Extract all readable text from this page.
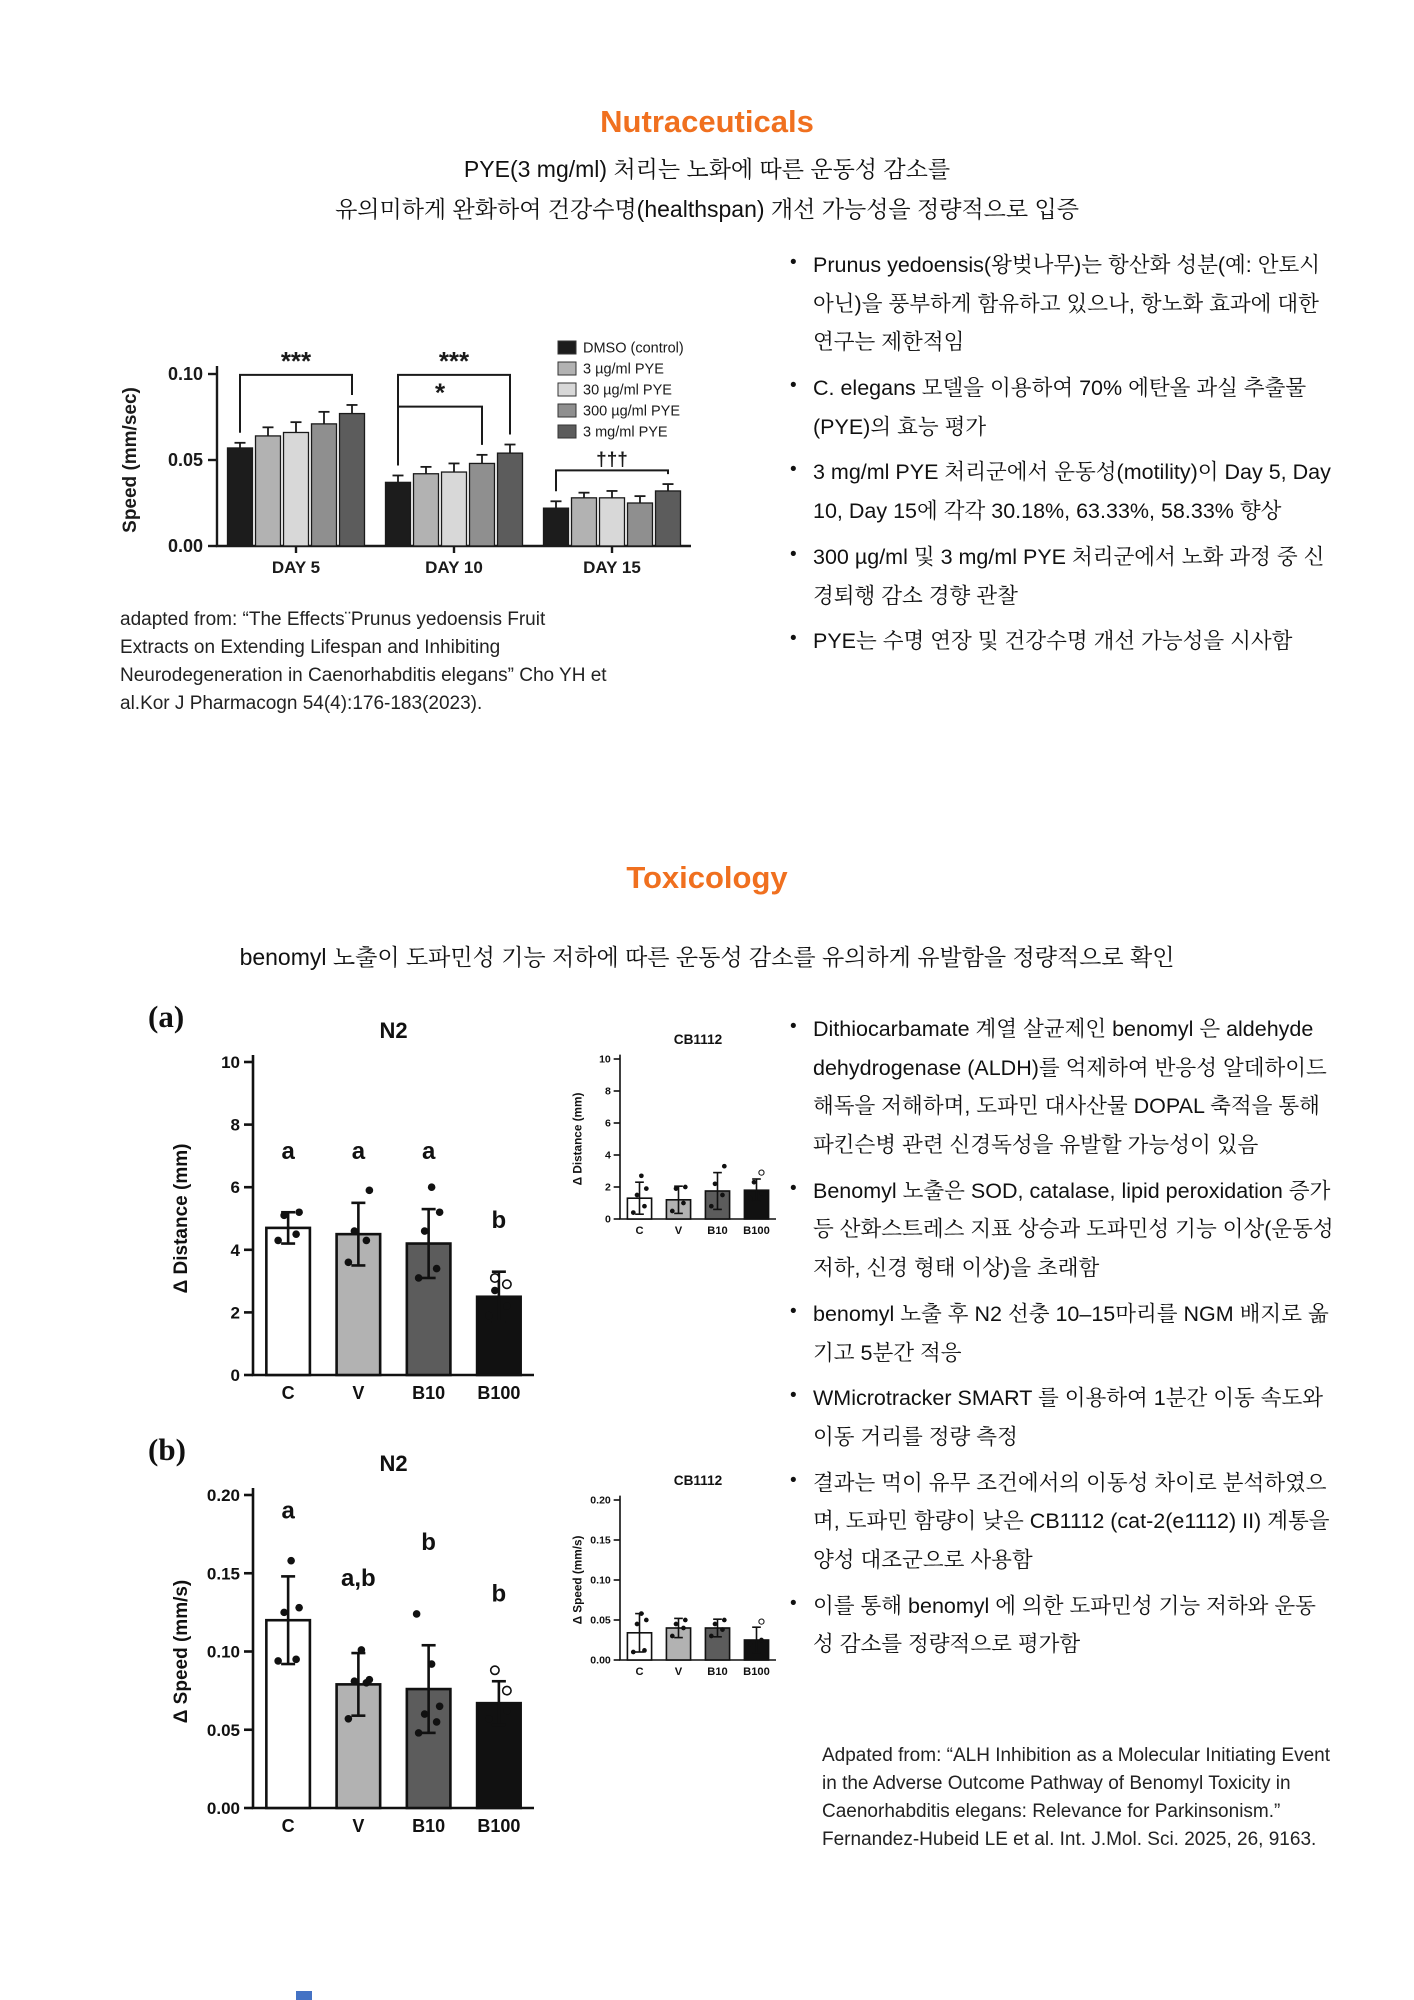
Nutraceuticals
PYE(3 mg/ml) 처리는 노화에 따른 운동성 감소를
유의미하게 완화하여 건강수명(healthspan) 개선 가능성을 정량적으로 입증
0.00
0.05
0.10
Speed (mm/sec)
DAY 5	DAY 10	DAY 15
***	***
*
†††
DMSO (control)
3 µg/ml PYE
30 µg/ml PYE
300 µg/ml PYE
3 mg/ml PYE

adapted from: “The Effects¨Prunus yedoensis Fruit Extracts on Extending Lifespan and Inhibiting Neurodegeneration in Caenorhabditis elegans” Cho YH et al.Kor J Pharmacogn 54(4):176-183(2023).

• Prunus yedoensis(왕벚나무)는 항산화 성분(예: 안토시아닌)을 풍부하게 함유하고 있으나, 항노화 효과에 대한 연구는 제한적임
• C. elegans 모델을 이용하여 70% 에탄올 과실 추출물(PYE)의 효능 평가
• 3 mg/ml PYE 처리군에서 운동성(motility)이 Day 5, Day 10, Day 15에 각각 30.18%, 63.33%, 58.33% 향상
• 300 µg/ml 및 3 mg/ml PYE 처리군에서 노화 과정 중 신경퇴행 감소 경향 관찰
• PYE는 수명 연장 및 건강수명 개선 가능성을 시사함
Toxicology
benomyl 노출이 도파민성 기능 저하에 따른 운동성 감소를 유의하게 유발함을 정량적으로 확인
(a)	N2
Δ Distance (mm)
0
2
4
6
8
10
a
C
a
V
a
B10
b
B100
CB1112
Δ Distance (mm)
0
2
4
6
8
10
C	V B10 B100
(b)	N2
Δ Speed (mm/s)
0.00
0.05
0.10
0.15
0.20
a
C
a,b
V
b
B10
b
B100
CB1112
Δ Speed (mm/s)
0.00
0.05
0.10
0.15
0.20
C	V B10 B100
• Dithiocarbamate 계열 살균제인 benomyl 은 aldehyde dehydrogenase (ALDH)를 억제하여 반응성 알데하이드 해독을 저해하며, 도파민 대사산물 DOPAL 축적을 통해 파킨슨병 관련 신경독성을 유발할 가능성이 있음
• Benomyl 노출은 SOD, catalase, lipid peroxidation 증가 등 산화스트레스 지표 상승과 도파민성 기능 이상(운동성 저하, 신경 형태 이상)을 초래함
• benomyl 노출 후 N2 선충 10–15마리를 NGM 배지로 옮기고 5분간 적응
• WMicrotracker SMART 를 이용하여 1분간 이동 속도와 이동 거리를 정량 측정
• 결과는 먹이 유무 조건에서의 이동성 차이로 분석하였으며, 도파민 함량이 낮은 CB1112 (cat-2(e1112) II) 계통을 양성 대조군으로 사용함
• 이를 통해 benomyl 에 의한 도파민성 기능 저하와 운동성 감소를 정량적으로 평가함

Adpated from: “ALH Inhibition as a Molecular Initiating Event in the Adverse Outcome Pathway of Benomyl Toxicity in Caenorhabditis elegans: Relevance for Parkinsonism.” Fernandez-Hubeid LE et al. Int. J.Mol. Sci. 2025, 26, 9163.
